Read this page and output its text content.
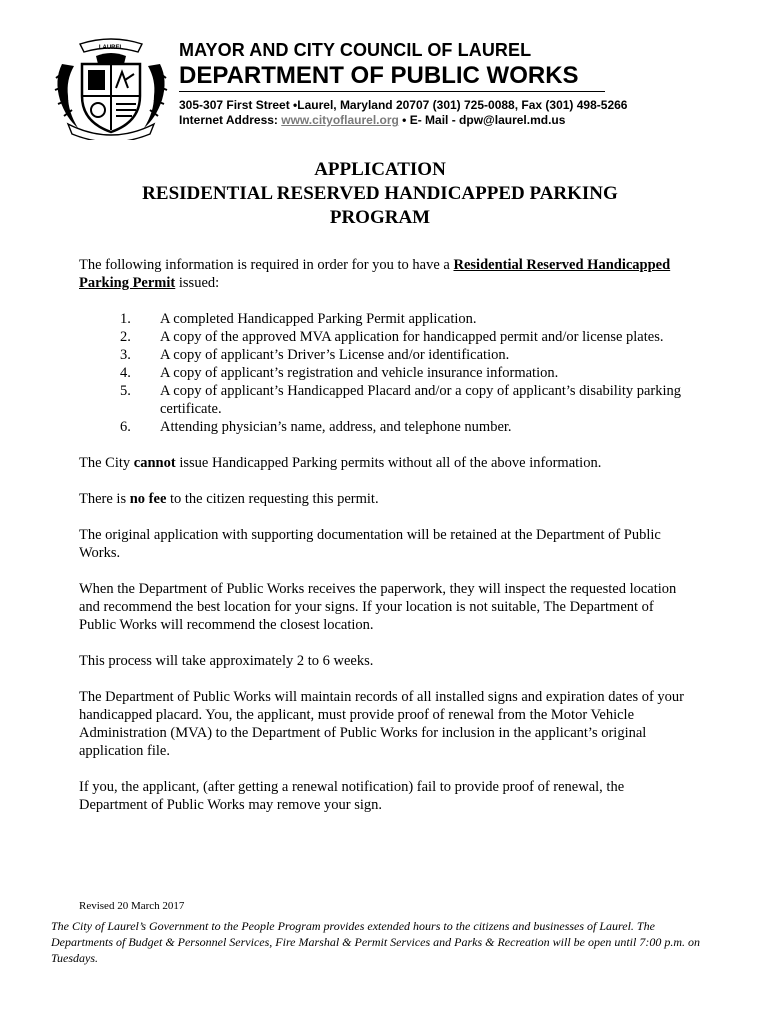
LAUREL	MAYOR AND CITY COUNCIL OF LAUREL
DEPARTMENT OF PUBLIC WORKS
305-307 First Street •Laurel, Maryland 20707 (301) 725-0088, Fax (301) 498-5266
Internet Address: www.cityoflaurel.org • E- Mail - dpw@laurel.md.us
APPLICATION
RESIDENTIAL RESERVED HANDICAPPED PARKING
PROGRAM

The following information is required in order for you to have a Residential Reserved Handicapped Parking Permit issued:

1.	A completed Handicapped Parking Permit application.
2.	A copy of the approved MVA application for handicapped permit and/or license plates.
3.	A copy of applicant’s Driver’s License and/or identification.
4.	A copy of applicant’s registration and vehicle insurance information.
5.	A copy of applicant’s Handicapped Placard and/or a copy of applicant’s disability parking certificate.
6.	Attending physician’s name, address, and telephone number.

The City cannot issue Handicapped Parking permits without all of the above information.

There is no fee to the citizen requesting this permit.

The original application with supporting documentation will be retained at the Department of Public Works.

When the Department of Public Works receives the paperwork, they will inspect the requested location and recommend the best location for your signs. If your location is not suitable, The Department of Public Works will recommend the closest location.

This process will take approximately 2 to 6 weeks.

The Department of Public Works will maintain records of all installed signs and expiration dates of your handicapped placard. You, the applicant, must provide proof of renewal from the Motor Vehicle Administration (MVA) to the Department of Public Works for inclusion in the applicant’s original application file.

If you, the applicant, (after getting a renewal notification) fail to provide proof of renewal, the Department of Public Works may remove your sign.

Revised 20 March 2017
The City of Laurel’s Government to the People Program provides extended hours to the citizens and businesses of Laurel. The Departments of Budget & Personnel Services, Fire Marshal & Permit Services and Parks & Recreation will be open until 7:00 p.m. on Tuesdays.
